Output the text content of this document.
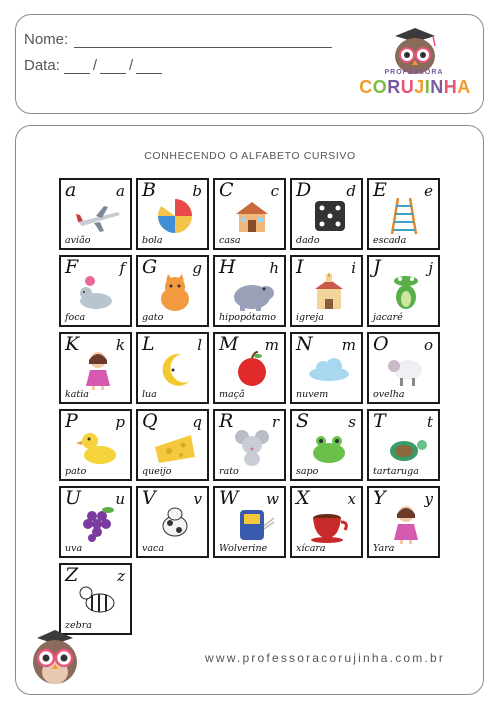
Nome:
Data: / /	PROFESSORA
CORUJINHA
CONHECENDO O ALFABETO CURSIVO
a	a
avião
B b
bola
C c
casa
D d
dado
E e
escada
F	f
foca
G g
gato
H h
hipopótamo
I	i
igreja
J	j
jacaré
K k
katia
L	l
lua
M m
maçã
N m
nuvem
O o
ovelha
P	p
pato
Q q
queijo
R	r
rato
S	s
sapo
T	t
tartaruga
U u
uva
V	v
vaca
W w
Wolverine
X	x
xícara
Y	y
Yara
Z	z
zebra
www.professoracorujinha.com.br
